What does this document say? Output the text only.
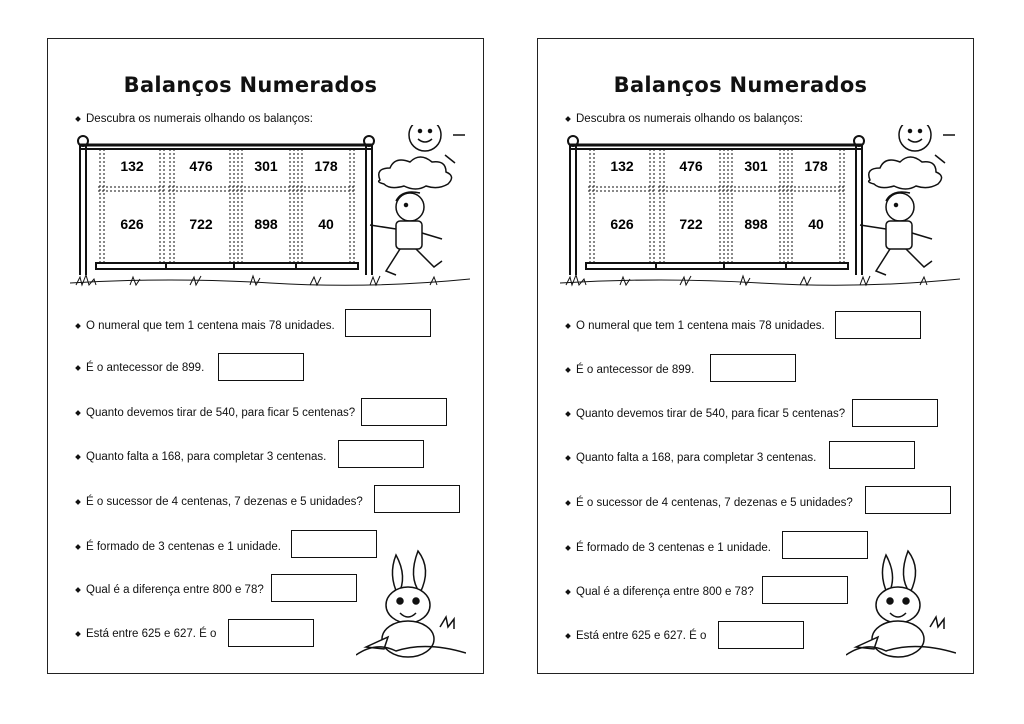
Balanços Numerados
Descubra os numerais olhando os balanços:
132	476	301	178
626	722	898	40
O numeral que tem 1 centena mais 78 unidades.
É o antecessor de 899.
Quanto devemos tirar de 540, para ficar 5 centenas?
Quanto falta a 168, para completar 3 centenas.
É o sucessor de 4 centenas, 7 dezenas e 5 unidades?
É formado de 3 centenas e 1 unidade.
Qual é a diferença entre 800 e 78?
Está entre 625 e 627. É o
Balanços Numerados
Descubra os numerais olhando os balanços:
132	476	301	178
626	722	898	40
O numeral que tem 1 centena mais 78 unidades.
É o antecessor de 899.
Quanto devemos tirar de 540, para ficar 5 centenas?
Quanto falta a 168, para completar 3 centenas.
É o sucessor de 4 centenas, 7 dezenas e 5 unidades?
É formado de 3 centenas e 1 unidade.
Qual é a diferença entre 800 e 78?
Está entre 625 e 627. É o
